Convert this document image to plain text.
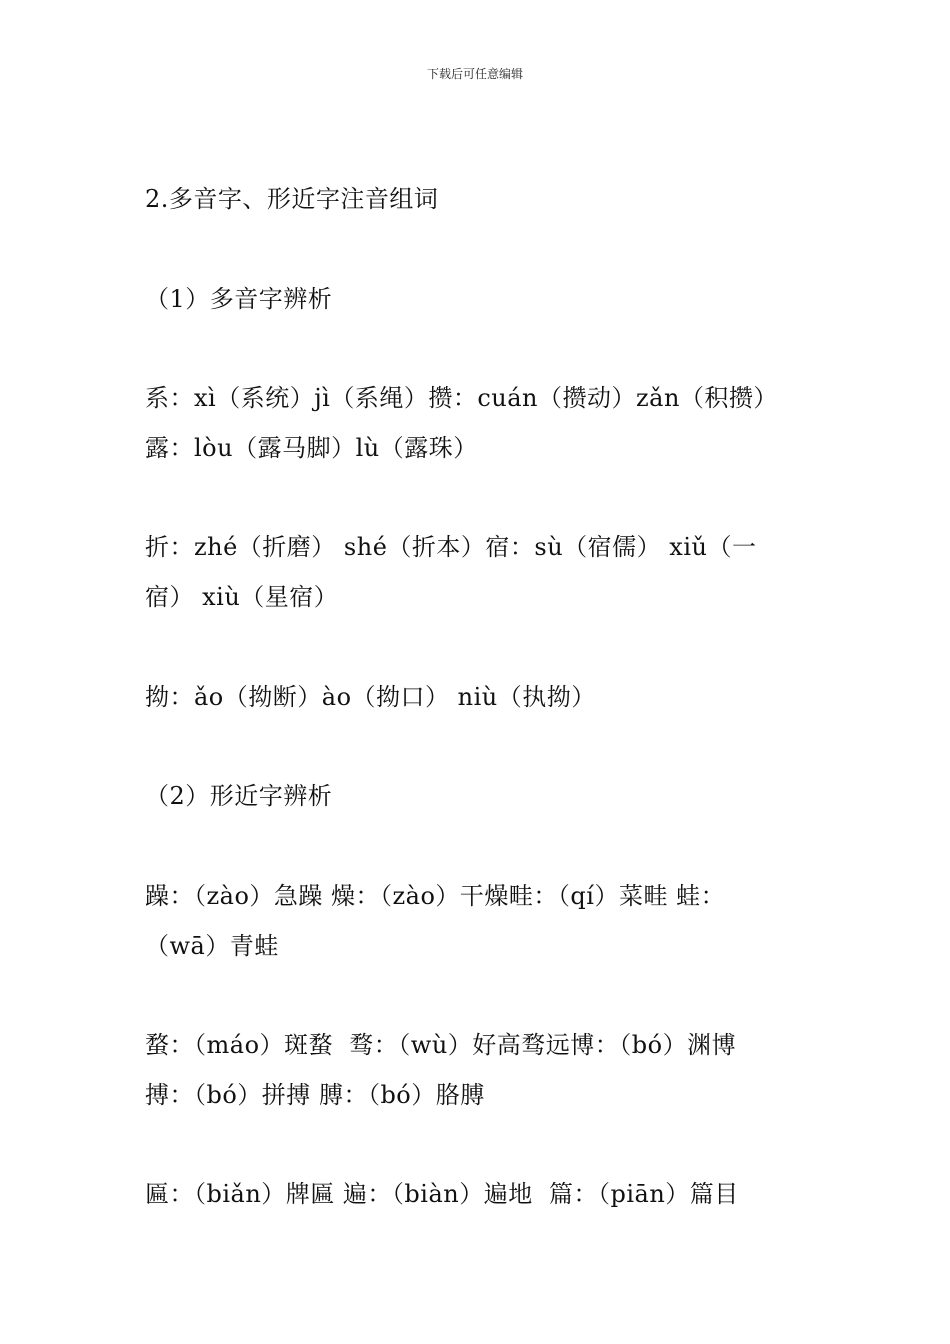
下载后可任意编辑
2.多音字、形近字注音组词
（1）多音字辨析
系：xì（系统）jì（系绳）攒：cuán（攒动）zǎn（积攒）
露：lòu（露马脚）lù（露珠）
折：zhé（折磨） shé（折本）宿：sù（宿儒） xiǔ（一
宿） xiù（星宿）
拗：ǎo（拗断）ào（拗口） niù（执拗）
（2）形近字辨析
躁：（zào）急躁 燥：（zào）干燥畦：（qí）菜畦 蛙：
（wā）青蛙
蝥：（máo）斑蝥  骛：（wù）好高骛远博：（bó）渊博
搏：（bó）拼搏 膊：（bó）胳膊
匾：（biǎn）牌匾 遍：（biàn）遍地  篇：（piān）篇目
